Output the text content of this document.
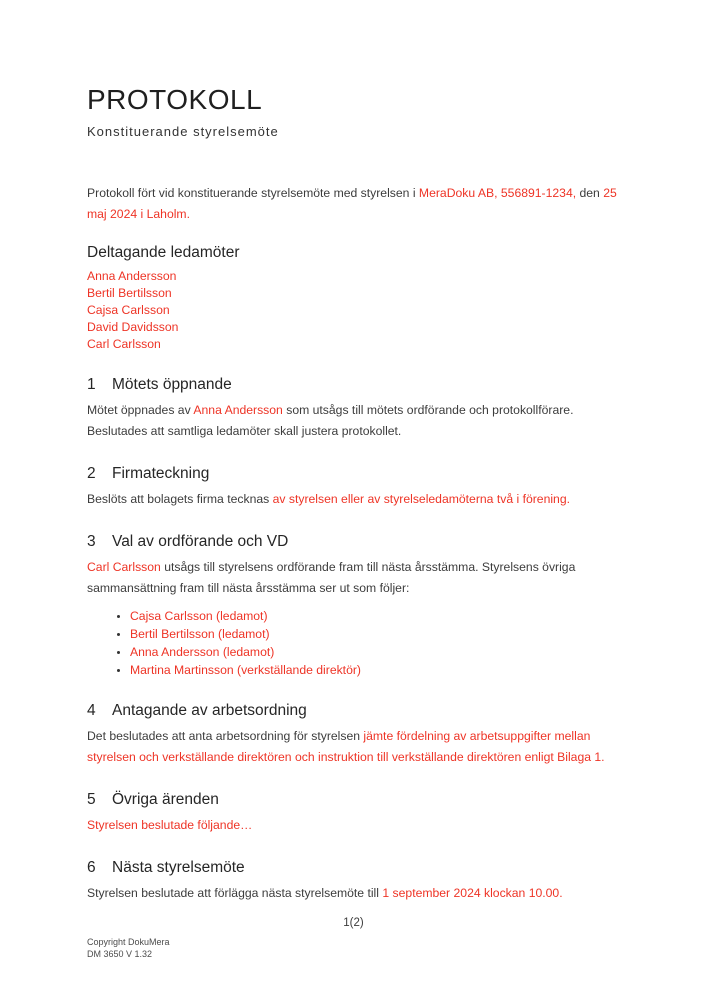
PROTOKOLL
Konstituerande styrelsemöte

Protokoll fört vid konstituerande styrelsemöte med styrelsen i MeraDoku AB, 556891-1234, den 25 maj 2024 i Laholm.

Deltagande ledamöter
Anna Andersson
Bertil Bertilsson
Cajsa Carlsson
David Davidsson
Carl Carlsson
1 Mötets öppnande

Mötet öppnades av Anna Andersson som utsågs till mötets ordförande och protokollförare. Beslutades att samtliga ledamöter skall justera protokollet.

2 Firmateckning

Beslöts att bolagets firma tecknas av styrelsen eller av styrelseledamöterna två i förening.

3 Val av ordförande och VD

Carl Carlsson utsågs till styrelsens ordförande fram till nästa årsstämma. Styrelsens övriga sammansättning fram till nästa årsstämma ser ut som följer:

• Cajsa Carlsson (ledamot)
• Bertil Bertilsson (ledamot)
• Anna Andersson (ledamot)
• Martina Martinsson (verkställande direktör)
4 Antagande av arbetsordning

Det beslutades att anta arbetsordning för styrelsen jämte fördelning av arbetsuppgifter mellan styrelsen och verkställande direktören och instruktion till verkställande direktören enligt Bilaga 1.

5 Övriga ärenden

Styrelsen beslutade följande…

6 Nästa styrelsemöte

Styrelsen beslutade att förlägga nästa styrelsemöte till 1 september 2024 klockan 10.00.

1(2)
Copyright DokuMera
DM 3650 V 1.32
